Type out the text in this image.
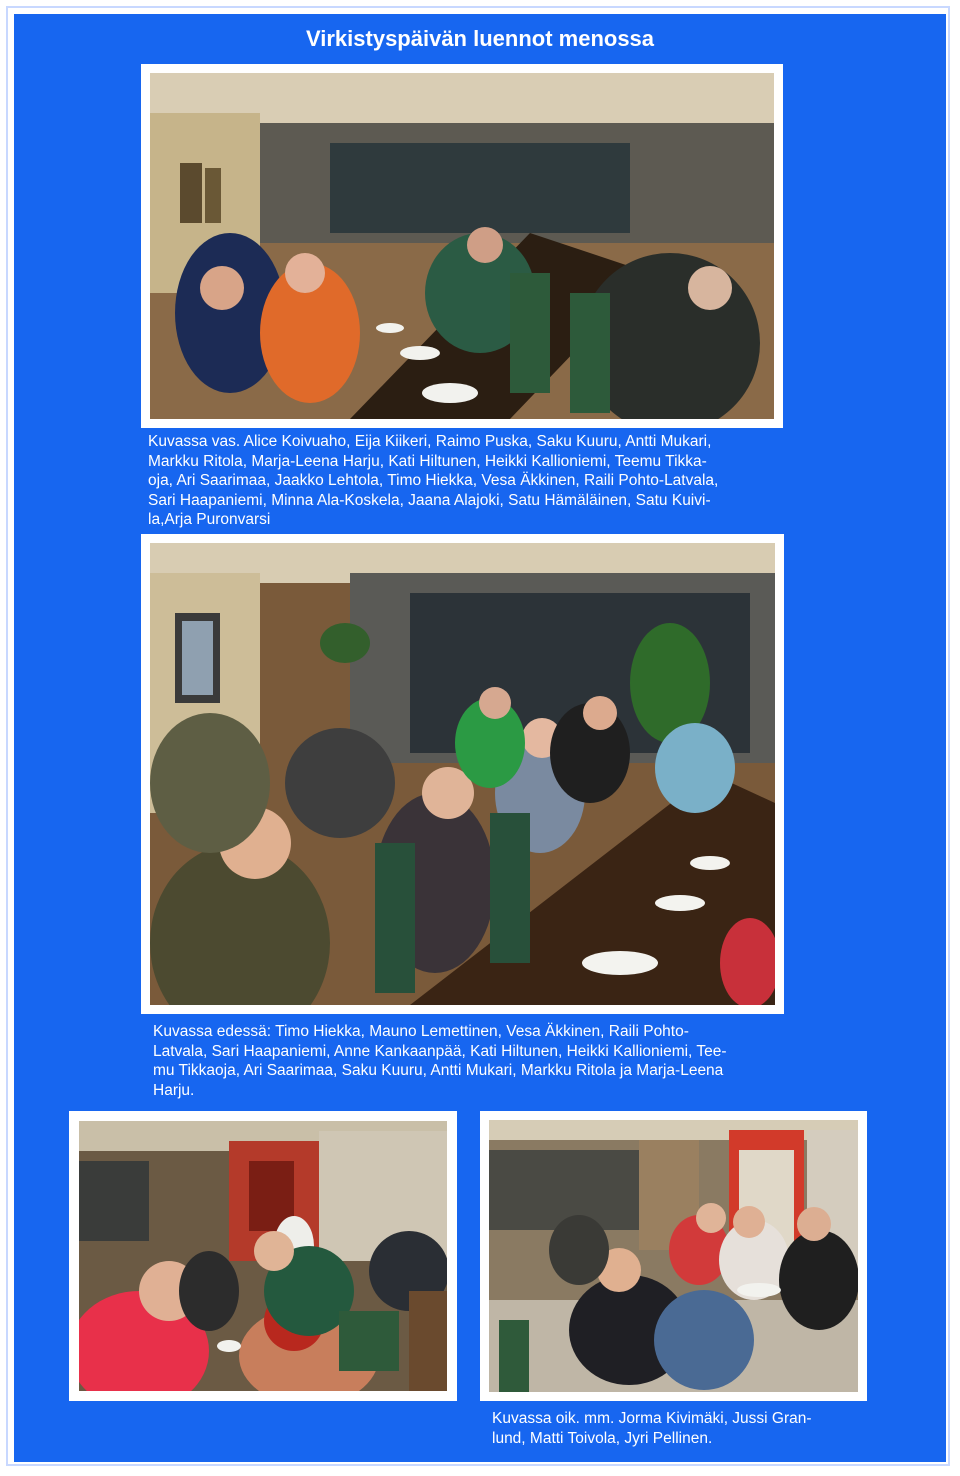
Virkistyspäivän luennot menossa
Kuvassa vas. Alice Koivuaho, Eija Kiikeri, Raimo Puska, Saku Kuuru, Antti Mukari,
Markku Ritola, Marja-Leena Harju, Kati Hiltunen, Heikki Kallioniemi, Teemu Tikka-
oja, Ari Saarimaa, Jaakko Lehtola, Timo Hiekka, Vesa Äkkinen, Raili Pohto-Latvala,
Sari Haapaniemi, Minna Ala-Koskela, Jaana Alajoki, Satu Hämäläinen, Satu Kuivi-
la,Arja Puronvarsi
Kuvassa edessä: Timo Hiekka, Mauno Lemettinen, Vesa Äkkinen, Raili Pohto-
Latvala, Sari Haapaniemi, Anne Kankaanpää, Kati Hiltunen, Heikki Kallioniemi, Tee-
mu Tikkaoja, Ari Saarimaa, Saku Kuuru, Antti Mukari, Markku Ritola ja Marja-Leena
Harju.
Kuvassa oik. mm. Jorma Kivimäki, Jussi Gran-
lund, Matti Toivola, Jyri Pellinen.
